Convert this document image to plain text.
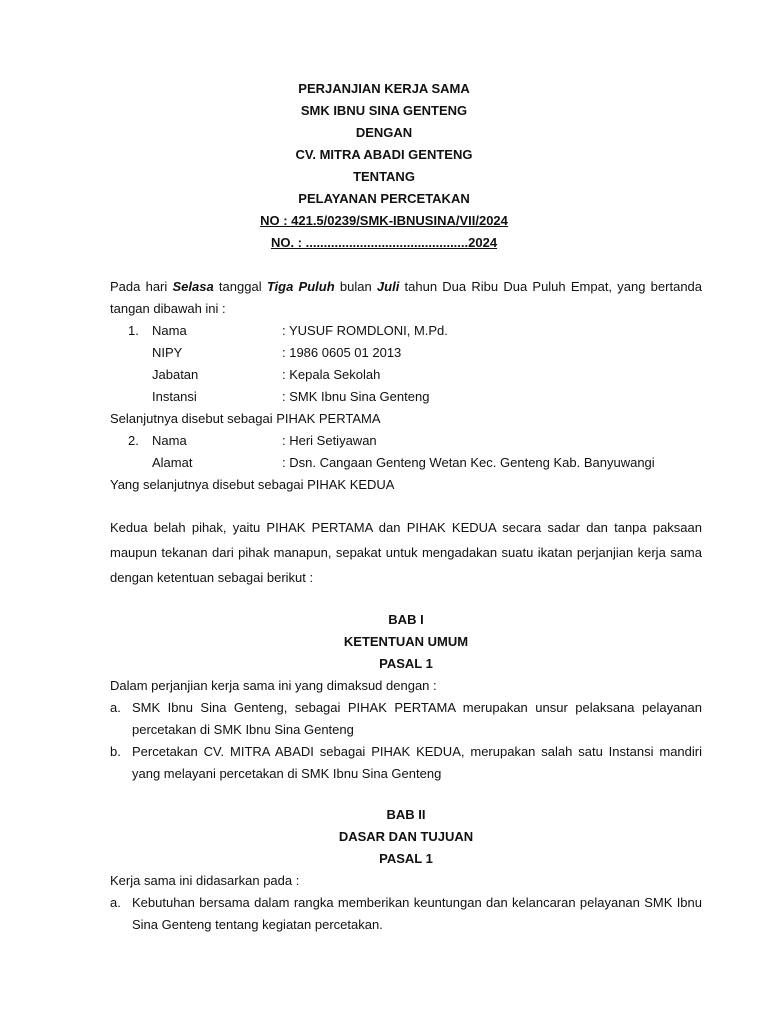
PERJANJIAN KERJA SAMA
SMK IBNU SINA GENTENG
DENGAN
CV. MITRA ABADI GENTENG
TENTANG
PELAYANAN PERCETAKAN
NO : 421.5/0239/SMK-IBNUSINA/VII/2024
NO. : .............................................2024

Pada hari Selasa tanggal Tiga Puluh bulan Juli tahun Dua Ribu Dua Puluh Empat, yang bertanda tangan dibawah ini :

1. Nama	: YUSUF ROMDLONI, M.Pd.
NIPY	: 1986 0605 01 2013
Jabatan	: Kepala Sekolah
Instansi	: SMK Ibnu Sina Genteng

Selanjutnya disebut sebagai PIHAK PERTAMA

2. Nama	: Heri Setiyawan
Alamat	: Dsn. Cangaan Genteng Wetan Kec. Genteng Kab. Banyuwangi

Yang selanjutnya disebut sebagai PIHAK KEDUA

Kedua belah pihak, yaitu PIHAK PERTAMA dan PIHAK KEDUA secara sadar dan tanpa paksaan maupun tekanan dari pihak manapun, sepakat untuk mengadakan suatu ikatan perjanjian kerja sama dengan ketentuan sebagai berikut :

BAB I
KETENTUAN UMUM
PASAL 1

Dalam perjanjian kerja sama ini yang dimaksud dengan :

a. SMK Ibnu Sina Genteng, sebagai PIHAK PERTAMA merupakan unsur pelaksana pelayanan percetakan di SMK Ibnu Sina Genteng
b. Percetakan CV. MITRA ABADI sebagai PIHAK KEDUA, merupakan salah satu Instansi mandiri yang melayani percetakan di SMK Ibnu Sina Genteng
BAB II
DASAR DAN TUJUAN
PASAL 1

Kerja sama ini didasarkan pada :

a. Kebutuhan bersama dalam rangka memberikan keuntungan dan kelancaran pelayanan SMK Ibnu Sina Genteng tentang kegiatan percetakan.
